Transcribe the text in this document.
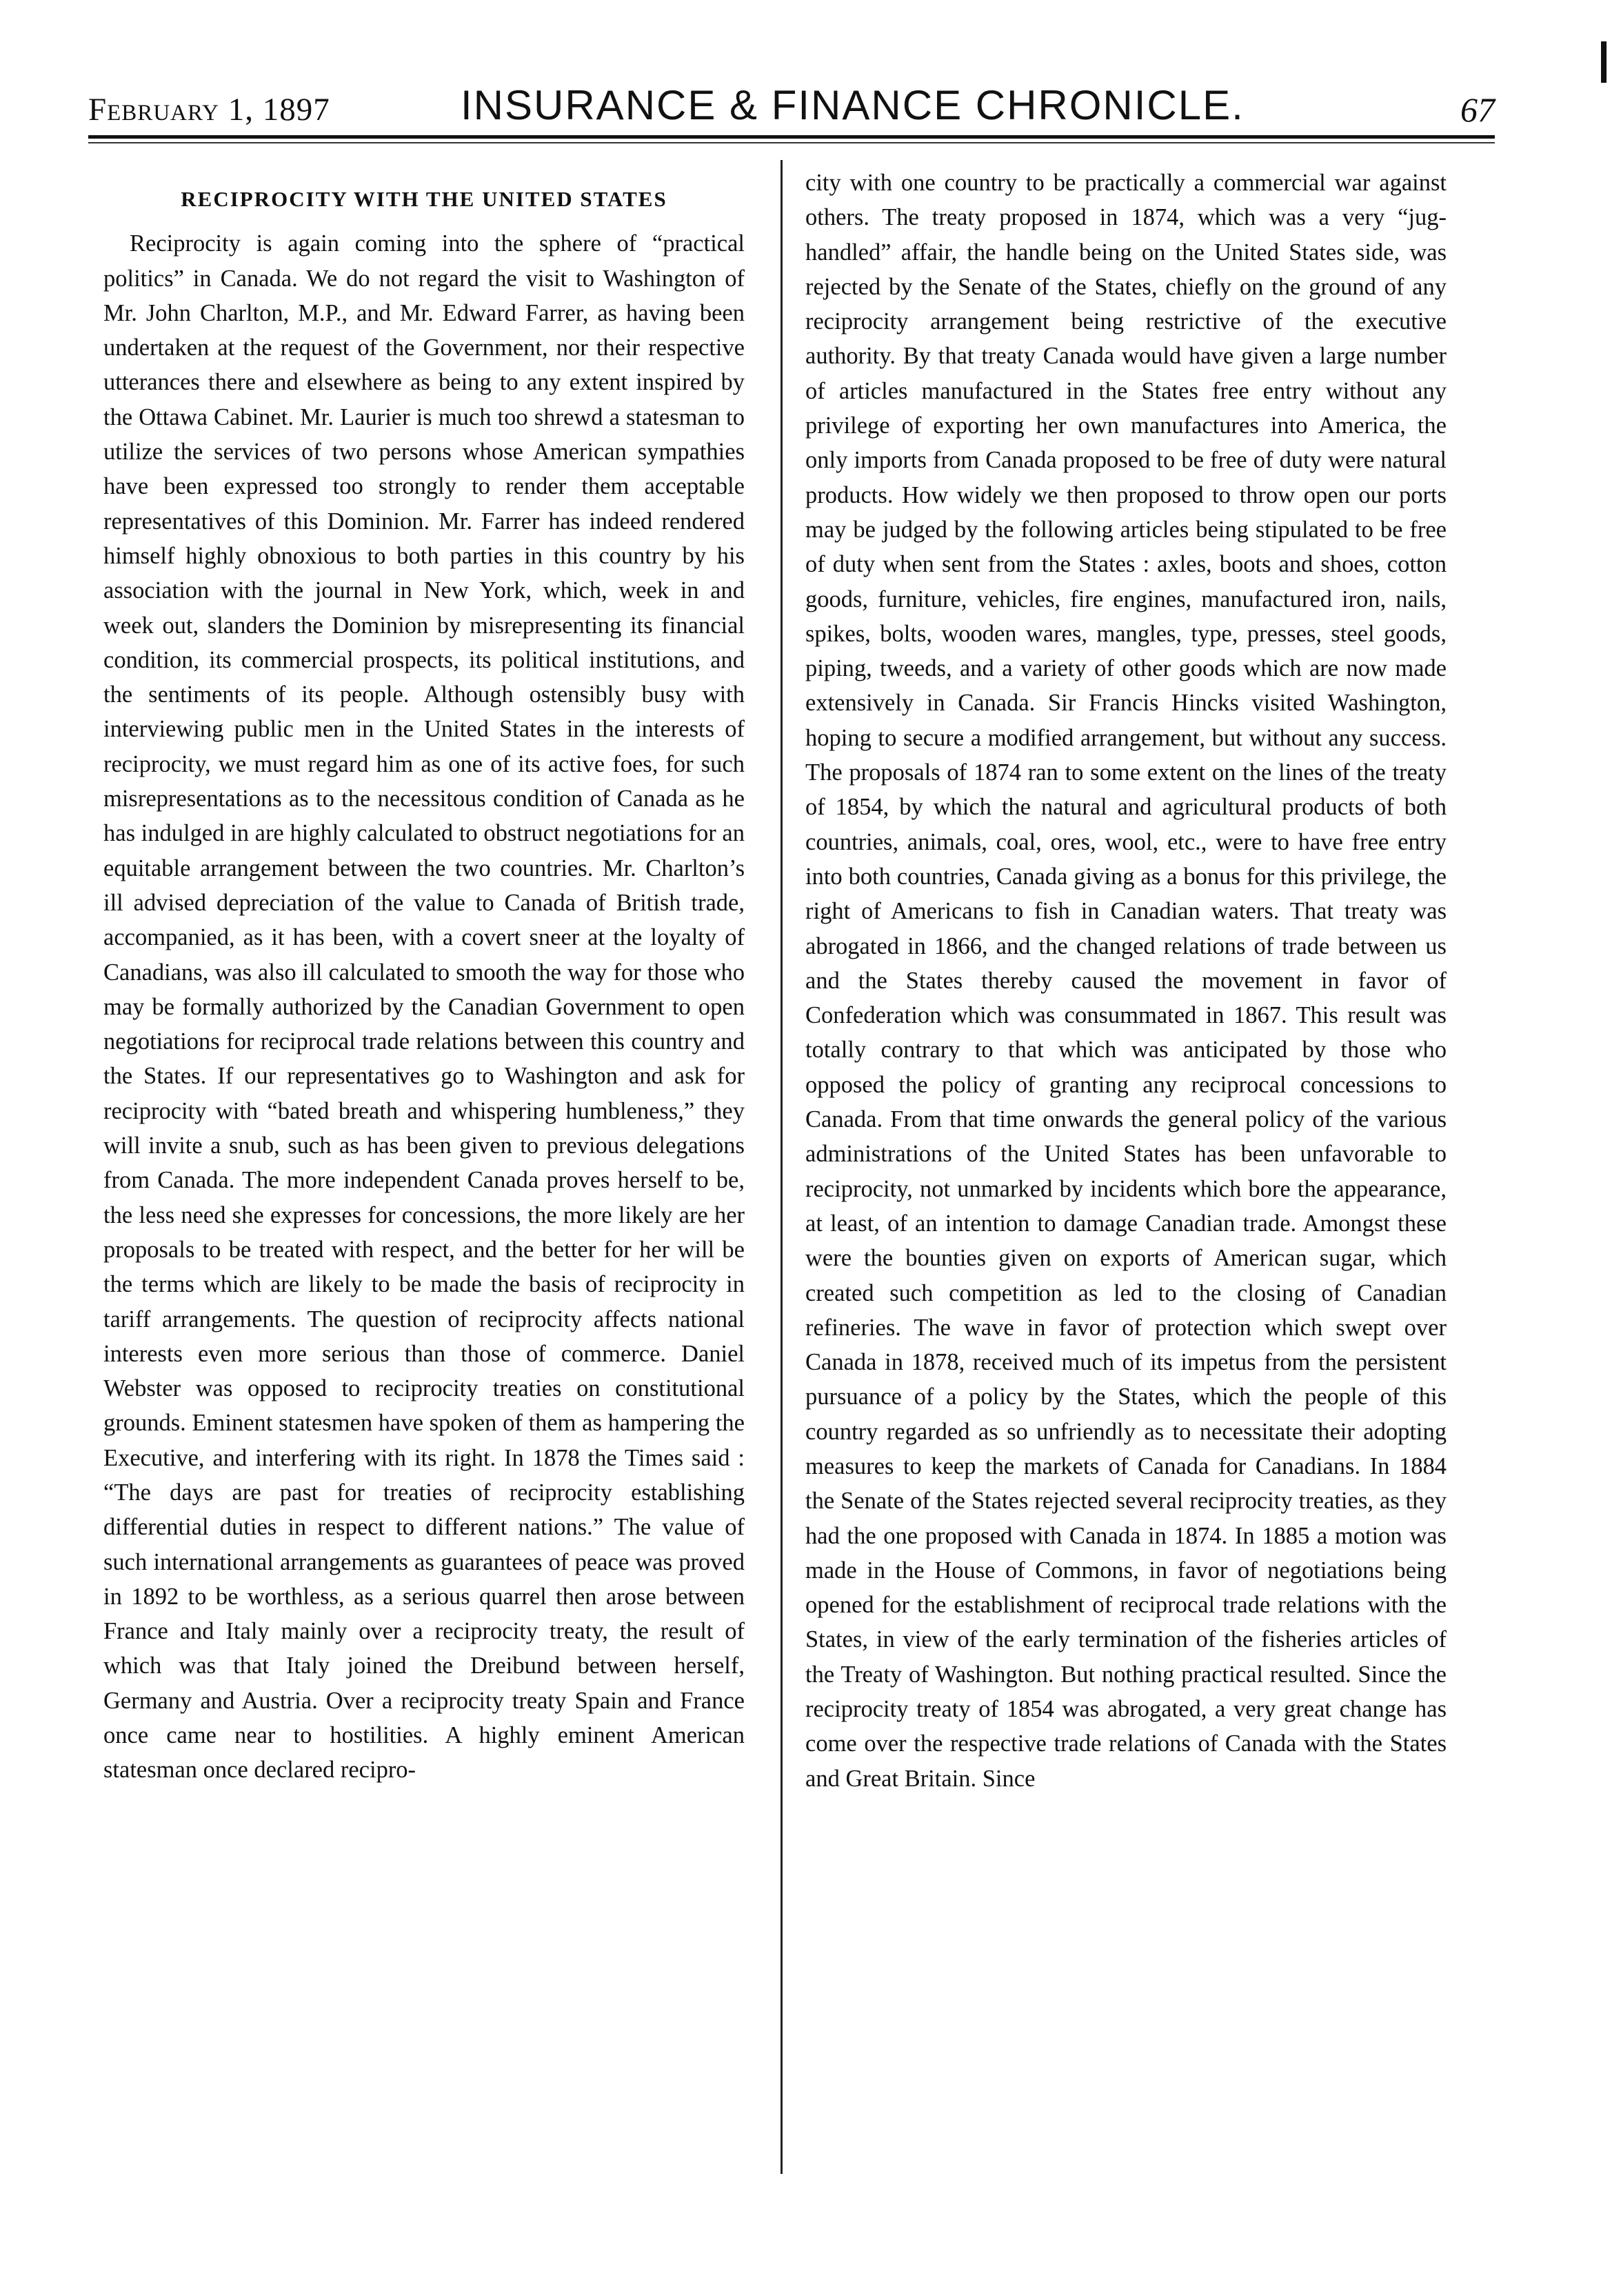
February 1, 1897	INSURANCE & FINANCE CHRONICLE.	67
RECIPROCITY WITH THE UNITED STATES

Reciprocity is again coming into the sphere of “practical politics” in Canada. We do not regard the visit to Washington of Mr. John Charlton, M.P., and Mr. Edward Farrer, as having been undertaken at the request of the Government, nor their respective utterances there and elsewhere as being to any extent inspired by the Ottawa Cabinet. Mr. Laurier is much too shrewd a statesman to utilize the services of two persons whose American sympathies have been expressed too strongly to render them acceptable representatives of this Dominion. Mr. Farrer has indeed rendered himself highly obnoxious to both parties in this country by his association with the journal in New York, which, week in and week out, slanders the Dominion by misrepresenting its financial condition, its commercial prospects, its political institutions, and the sentiments of its people. Although ostensibly busy with interviewing public men in the United States in the interests of reciprocity, we must regard him as one of its active foes, for such misrepresentations as to the necessitous condition of Canada as he has indulged in are highly calculated to obstruct negotiations for an equitable arrangement between the two countries. Mr. Charlton’s ill advised depreciation of the value to Canada of British trade, accompanied, as it has been, with a covert sneer at the loyalty of Canadians, was also ill calculated to smooth the way for those who may be formally authorized by the Canadian Government to open negotiations for reciprocal trade relations between this country and the States. If our representatives go to Washington and ask for reciprocity with “bated breath and whispering humbleness,” they will invite a snub, such as has been given to previous delegations from Canada. The more independent Canada proves herself to be, the less need she expresses for concessions, the more likely are her proposals to be treated with respect, and the better for her will be the terms which are likely to be made the basis of reciprocity in tariff arrangements. The question of reciprocity affects national interests even more serious than those of commerce. Daniel Webster was opposed to reciprocity treaties on constitutional grounds. Eminent statesmen have spoken of them as hampering the Executive, and interfering with its right. In 1878 the Times said : “The days are past for treaties of reciprocity establishing differential duties in respect to different nations.” The value of such international arrangements as guarantees of peace was proved in 1892 to be worthless, as a serious quarrel then arose between France and Italy mainly over a reciprocity treaty, the result of which was that Italy joined the Dreibund between herself, Germany and Austria. Over a reciprocity treaty Spain and France once came near to hostilities. A highly eminent American statesman once declared recipro-

city with one country to be practically a commercial war against others. The treaty proposed in 1874, which was a very “jug-handled” affair, the handle being on the United States side, was rejected by the Senate of the States, chiefly on the ground of any reciprocity arrangement being restrictive of the executive authority. By that treaty Canada would have given a large number of articles manufactured in the States free entry without any privilege of exporting her own manufactures into America, the only imports from Canada proposed to be free of duty were natural products. How widely we then proposed to throw open our ports may be judged by the following articles being stipulated to be free of duty when sent from the States : axles, boots and shoes, cotton goods, furniture, vehicles, fire engines, manufactured iron, nails, spikes, bolts, wooden wares, mangles, type, presses, steel goods, piping, tweeds, and a variety of other goods which are now made extensively in Canada. Sir Francis Hincks visited Washington, hoping to secure a modified arrangement, but without any success. The proposals of 1874 ran to some extent on the lines of the treaty of 1854, by which the natural and agricultural products of both countries, animals, coal, ores, wool, etc., were to have free entry into both countries, Canada giving as a bonus for this privilege, the right of Americans to fish in Canadian waters. That treaty was abrogated in 1866, and the changed relations of trade between us and the States thereby caused the movement in favor of Confederation which was consummated in 1867. This result was totally contrary to that which was anticipated by those who opposed the policy of granting any reciprocal concessions to Canada. From that time onwards the general policy of the various administrations of the United States has been unfavorable to reciprocity, not unmarked by incidents which bore the appearance, at least, of an intention to damage Canadian trade. Amongst these were the bounties given on exports of American sugar, which created such competition as led to the closing of Canadian refineries. The wave in favor of protection which swept over Canada in 1878, received much of its impetus from the persistent pursuance of a policy by the States, which the people of this country regarded as so unfriendly as to necessitate their adopting measures to keep the markets of Canada for Canadians. In 1884 the Senate of the States rejected several reciprocity treaties, as they had the one proposed with Canada in 1874. In 1885 a motion was made in the House of Commons, in favor of negotiations being opened for the establishment of reciprocal trade relations with the States, in view of the early termination of the fisheries articles of the Treaty of Washington. But nothing practical resulted. Since the reciprocity treaty of 1854 was abrogated, a very great change has come over the respective trade relations of Canada with the States and Great Britain. Since
